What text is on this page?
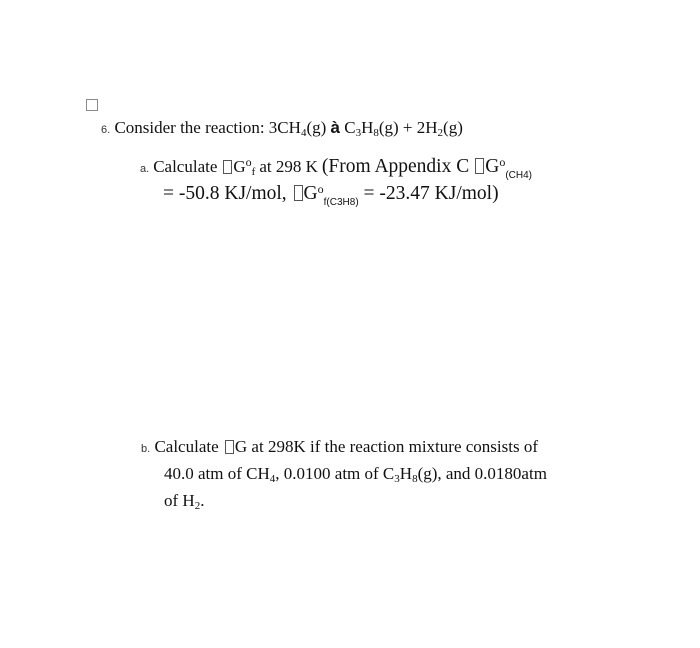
6. Consider the reaction: 3CH4(g) à C3H8(g) + 2H2(g)
a. Calculate $G^of$ at 298 K (From Appendix C $G^o_{(CH4)}$
= -50.8 KJ/mol, $G^o_{f(C3H8)} = -23.47$ KJ/mol)
b. Calculate G at 298K if the reaction mixture consists of
40.0 atm of CH4, 0.0100 atm of C3H8(g), and 0.0180atm
of H2.
